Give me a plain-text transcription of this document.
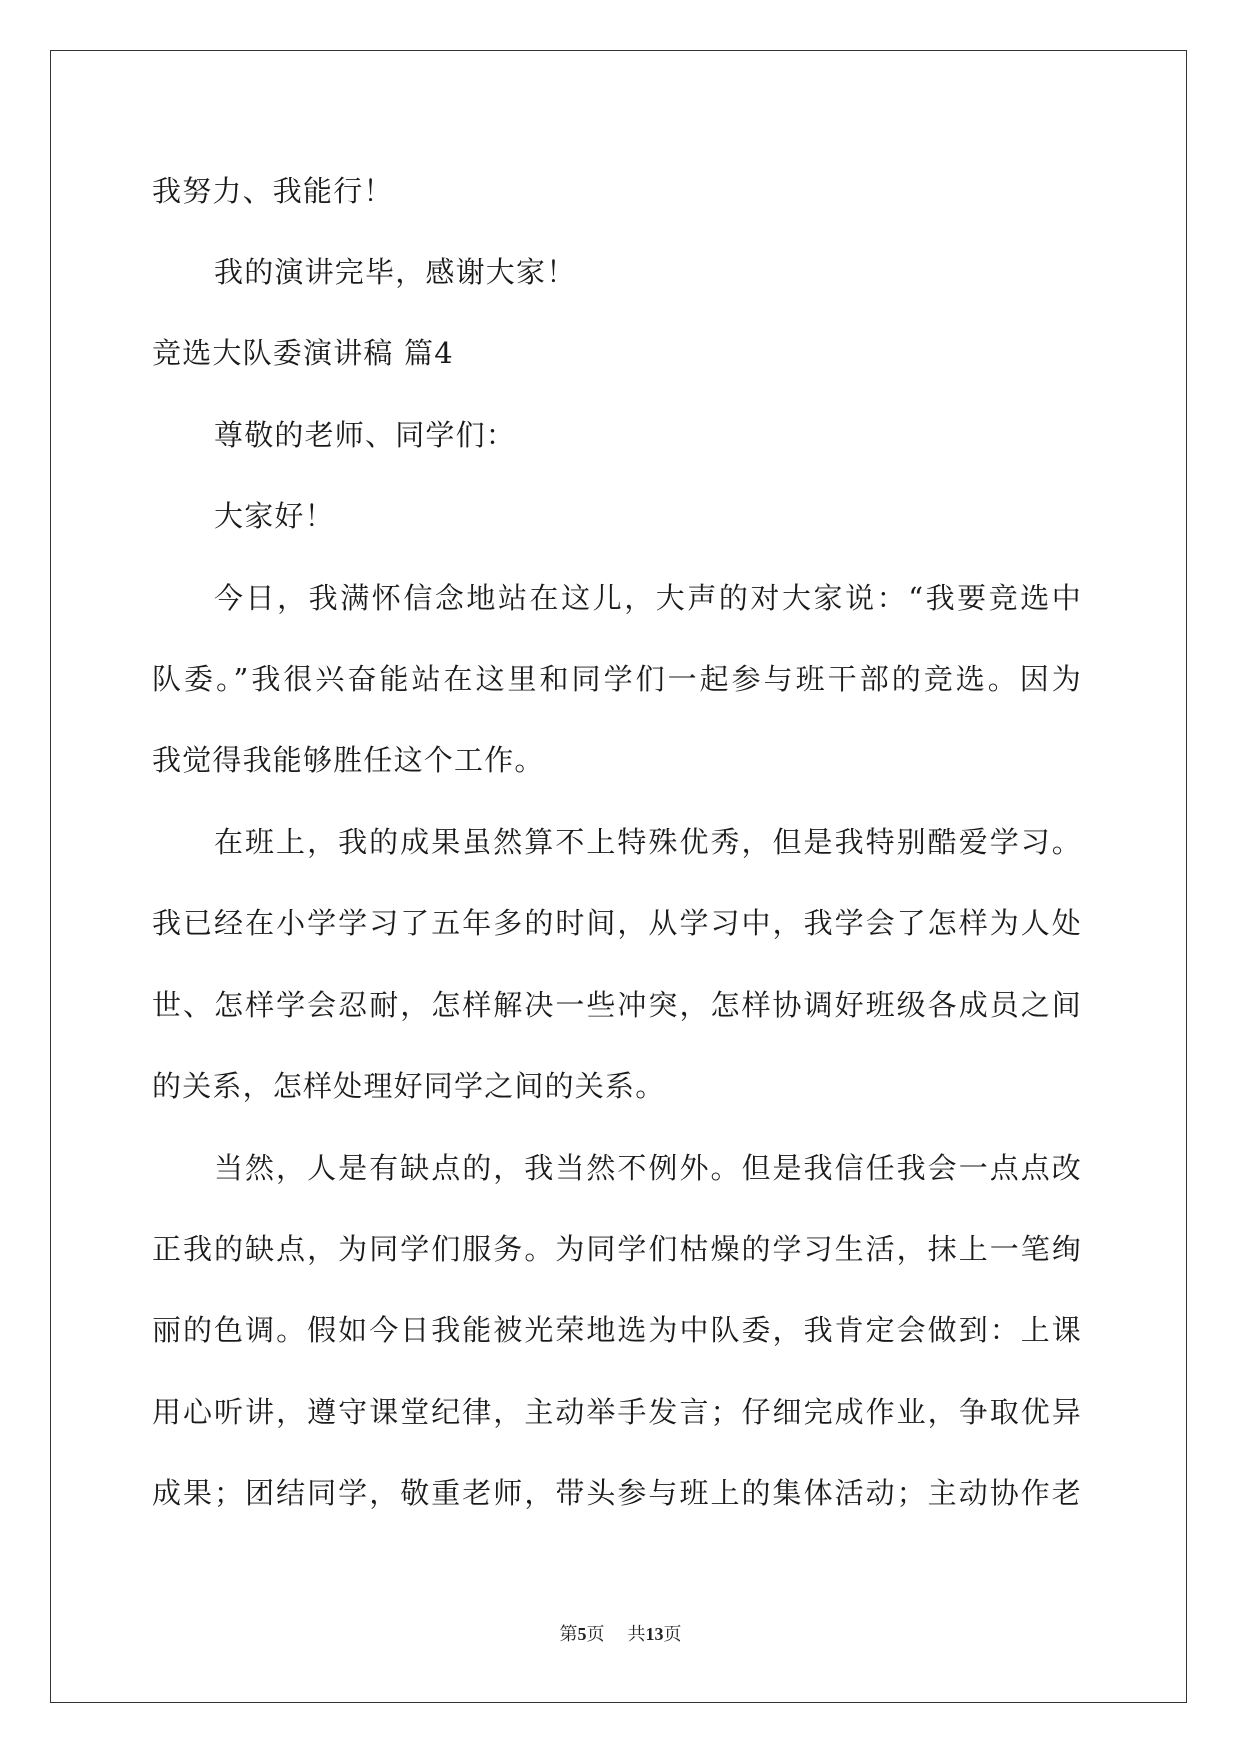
我努力、我能行！
我的演讲完毕，感谢大家！
竞选大队委演讲稿 篇4
尊敬的老师、同学们：
大家好！
今日，我满怀信念地站在这儿，大声的对大家说：“我要竞选中
队委。”我很兴奋能站在这里和同学们一起参与班干部的竞选。因为
我觉得我能够胜任这个工作。
在班上，我的成果虽然算不上特殊优秀，但是我特别酷爱学习。
我已经在小学学习了五年多的时间，从学习中，我学会了怎样为人处
世、怎样学会忍耐，怎样解决一些冲突，怎样协调好班级各成员之间
的关系，怎样处理好同学之间的关系。
当然，人是有缺点的，我当然不例外。但是我信任我会一点点改
正我的缺点，为同学们服务。为同学们枯燥的学习生活，抹上一笔绚
丽的色调。假如今日我能被光荣地选为中队委，我肯定会做到：上课
用心听讲，遵守课堂纪律，主动举手发言；仔细完成作业，争取优异
成果；团结同学，敬重老师，带头参与班上的集体活动；主动协作老
第5页 共13页
